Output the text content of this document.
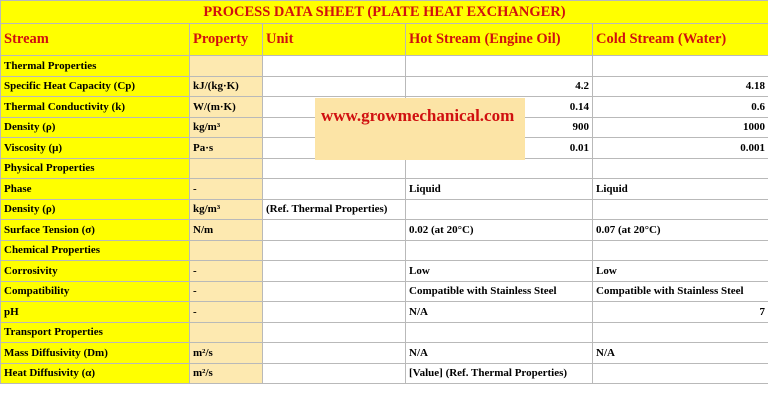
PROCESS DATA SHEET (PLATE HEAT EXCHANGER)				
Stream	Property	Unit	Hot Stream (Engine Oil)	Cold Stream (Water)
Thermal Properties				
Specific Heat Capacity (Cp)	kJ/(kg·K)		4.2	4.18
Thermal Conductivity (k)	W/(m·K)		0.14	0.6
Density (ρ)	kg/m³		900	1000
Viscosity (μ)	Pa·s		0.01	0.001
Physical Properties				
Phase	-		Liquid	Liquid
Density (ρ)	kg/m³	(Ref. Thermal Properties)		
Surface Tension (σ)	N/m		0.02 (at 20°C)	0.07 (at 20°C)
Chemical Properties				
Corrosivity	-		Low	Low
Compatibility	-		Compatible with Stainless Steel	Compatible with Stainless Steel
pH	-		N/A	7
Transport Properties				
Mass Diffusivity (Dm)	m²/s		N/A	N/A
Heat Diffusivity (α)	m²/s		[Value] (Ref. Thermal Properties)	
www.growmechanical.com
